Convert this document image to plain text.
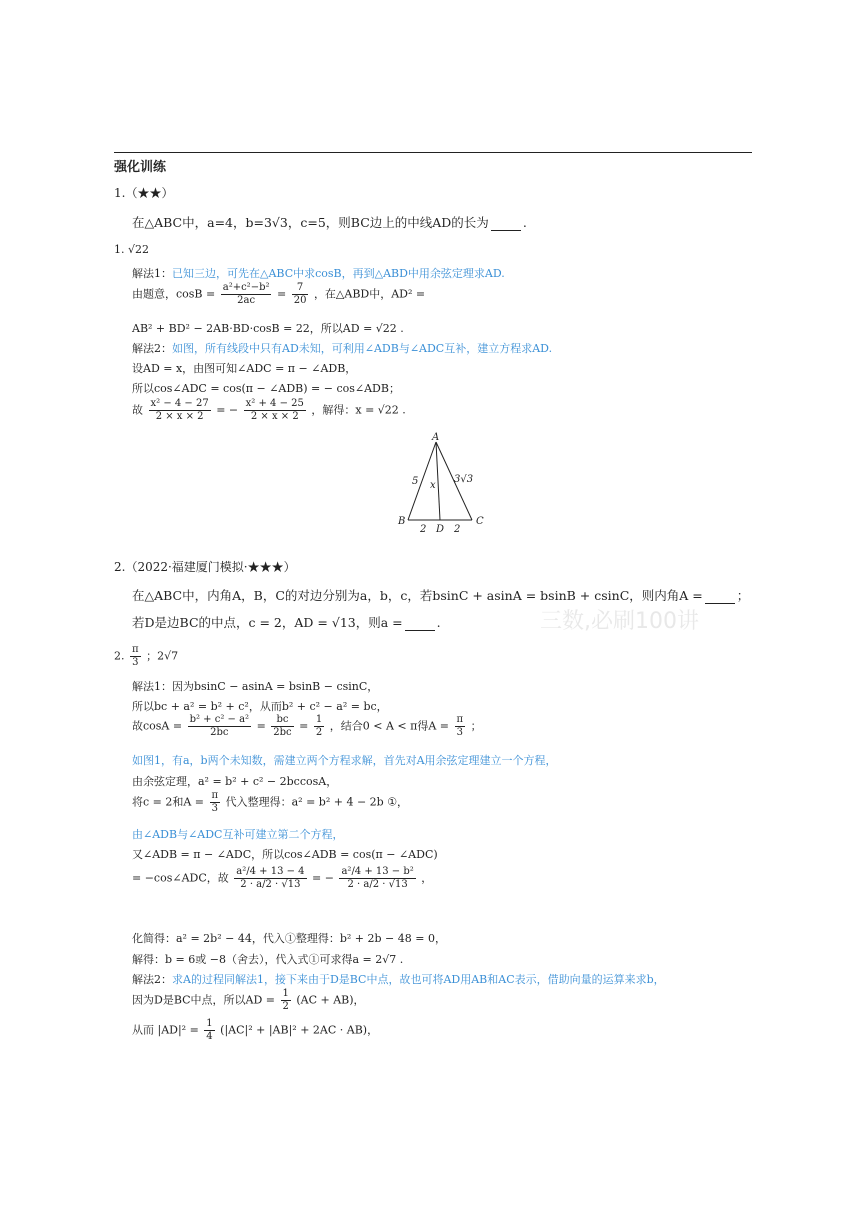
强化训练
1.（★★）
在△ABC中，a=4，b=3√3，c=5，则BC边上的中线AD的长为	.
1. √22
解法1：已知三边，可先在△ABC中求cosB，再到△ABD中用余弦定理求AD.
由题意，$\cos B = \frac{\text{a²+c²−b²}}{2ac} = \frac{7}{20}$ ，在△ABD中，AD² =
AB² + BD² − 2AB·BD·cosB = 22，所以AD = √22 .
解法2：如图，所有线段中只有AD未知，可利用∠ADB与∠ADC互补，建立方程求AD.
设AD = x，由图可知∠ADC = π − ∠ADB，
所以cos∠ADC = cos(π − ∠ADB) = − cos∠ADB；
故 $\frac{\text{x² − 4 − 27}}{2 \times x \times 2}$ = − $\frac{\text{x² + 4 − 25}}{2 \times x \times 2}$ ，解得：x = √22 .
A
B	C
D
x
5	3√3
2	2
三数,必刷100讲
2.（2022·福建厦门模拟·★★★）
在△ABC中，内角A，B，C的对边分别为a，b，c，若bsinC + asinA = bsinB + csinC，则内角A =	；
若D是边BC的中点，c = 2，AD = √13，则a =	.
2. $\frac{\pi}{3}$ ；2√7
解法1：因为bsinC − asinA = bsinB − csinC，
所以bc + a² = b² + c²，从而b² + c² − a² = bc，
故$\cos A = \frac{\text{b² + c² − a²}}{2bc} = \frac{bc}{2bc} = \frac{1}{2}$ ，结合0 < A < π得$A = \frac{\pi}{3}$ ；
如图1，有a，b两个未知数，需建立两个方程求解，首先对A用余弦定理建立一个方程，
由余弦定理，a² = b² + c² − 2bccosA，
将c = 2和$A = \frac{\pi}{3}$ 代入整理得：a² = b² + 4 − 2b ①，
由∠ADB与∠ADC互补可建立第二个方程，
又∠ADB = π − ∠ADC，所以cos∠ADB = cos(π − ∠ADC)
= −cos∠ADC，故 $\frac{\text{a²/4 + 13 − 4}}{2 \cdot a/2 \cdot √13}$ = − $\frac{\text{a²/4 + 13 − b²}}{2 \cdot a/2 \cdot √13}$ ，
化简得：a² = 2b² − 44，代入①整理得：b² + 2b − 48 = 0，
解得：b = 6或 −8（舍去），代入式①可求得a = 2√7 .
解法2：求A的过程同解法1，接下来由于D是BC中点，故也可将AD用AB和AC表示，借助向量的运算来求b，
因为D是BC中点，所以AD = $\frac{1}{2} (AC + AB)$，
从而 $|AD|^2 = \frac{1}{4} (|AC|^2 + |AB|^2 + 2AC \cdot AB)$，
